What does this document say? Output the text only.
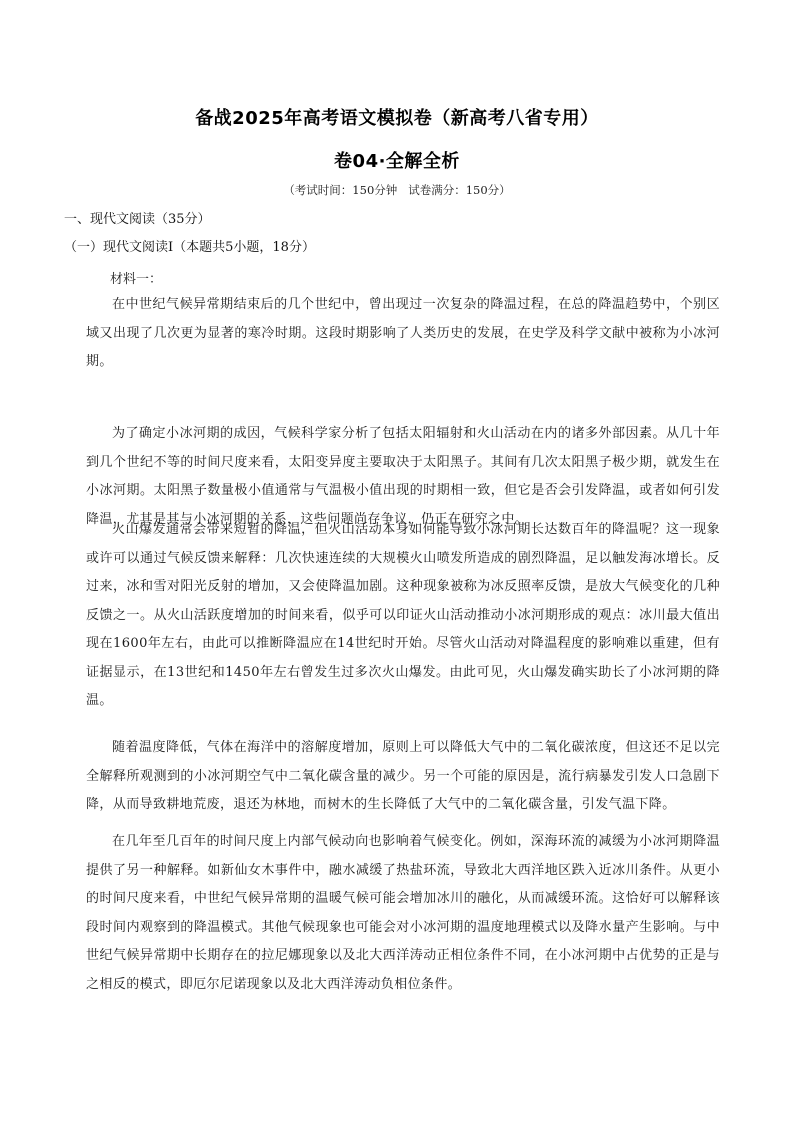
备战2025年高考语文模拟卷（新高考八省专用）
卷04·全解全析
（考试时间：150分钟   试卷满分：150分）
一、现代文阅读（35分）
（一）现代文阅读Ⅰ（本题共5小题，18分）
材料一：

在中世纪气候异常期结束后的几个世纪中，曾出现过一次复杂的降温过程，在总的降温趋势中，个别区域又出现了几次更为显著的寒冷时期。这段时期影响了人类历史的发展，在史学及科学文献中被称为小冰河期。

为了确定小冰河期的成因，气候科学家分析了包括太阳辐射和火山活动在内的诸多外部因素。从几十年到几个世纪不等的时间尺度来看，太阳变异度主要取决于太阳黑子。其间有几次太阳黑子极少期，就发生在小冰河期。太阳黑子数量极小值通常与气温极小值出现的时期相一致，但它是否会引发降温，或者如何引发降温，尤其是其与小冰河期的关系，这些问题尚存争议，仍正在研究之中。

火山爆发通常会带来短暂的降温，但火山活动本身如何能导致小冰河期长达数百年的降温呢？这一现象或许可以通过气候反馈来解释：几次快速连续的大规模火山喷发所造成的剧烈降温，足以触发海冰增长。反过来，冰和雪对阳光反射的增加，又会使降温加剧。这种现象被称为冰反照率反馈，是放大气候变化的几种反馈之一。从火山活跃度增加的时间来看，似乎可以印证火山活动推动小冰河期形成的观点：冰川最大值出现在1600年左右，由此可以推断降温应在14世纪时开始。尽管火山活动对降温程度的影响难以重建，但有证据显示，在13世纪和1450年左右曾发生过多次火山爆发。由此可见，火山爆发确实助长了小冰河期的降温。

随着温度降低，气体在海洋中的溶解度增加，原则上可以降低大气中的二氧化碳浓度，但这还不足以完全解释所观测到的小冰河期空气中二氧化碳含量的减少。另一个可能的原因是，流行病暴发引发人口急剧下降，从而导致耕地荒废，退还为林地，而树木的生长降低了大气中的二氧化碳含量，引发气温下降。

在几年至几百年的时间尺度上内部气候动向也影响着气候变化。例如，深海环流的减缓为小冰河期降温提供了另一种解释。如新仙女木事件中，融水减缓了热盐环流，导致北大西洋地区跌入近冰川条件。从更小的时间尺度来看，中世纪气候异常期的温暖气候可能会增加冰川的融化，从而减缓环流。这恰好可以解释该段时间内观察到的降温模式。其他气候现象也可能会对小冰河期的温度地理模式以及降水量产生影响。与中世纪气候异常期中长期存在的拉尼娜现象以及北大西洋涛动正相位条件不同，在小冰河期中占优势的正是与之相反的模式，即厄尔尼诺现象以及北大西洋涛动负相位条件。
